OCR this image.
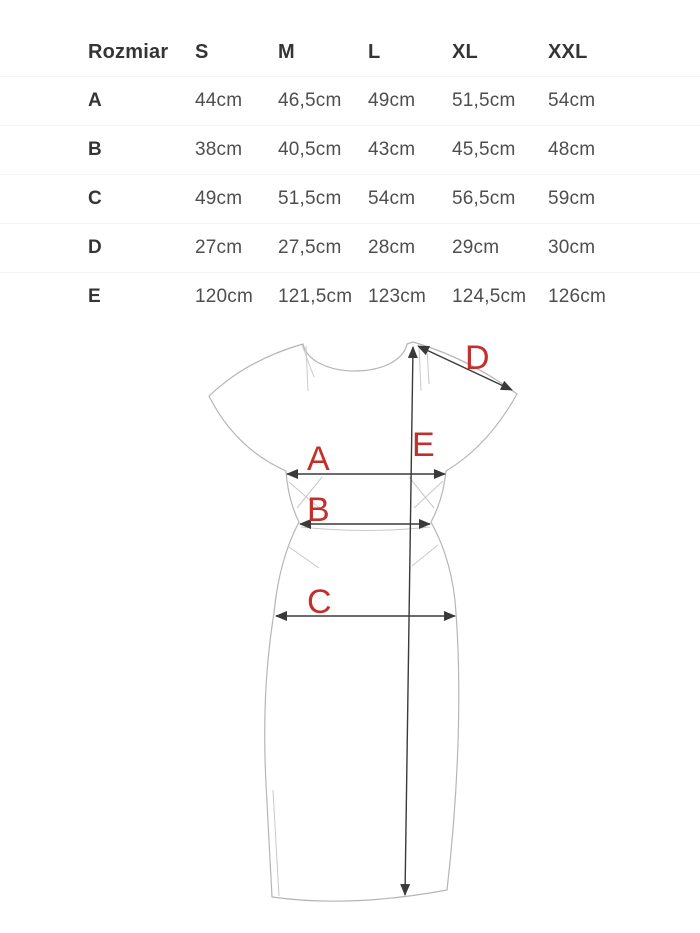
Rozmiar	S	M	L	XL	XXL
A	44cm	46,5cm	49cm	51,5cm	54cm
B	38cm	40,5cm	43cm	45,5cm	48cm
C	49cm	51,5cm	54cm	56,5cm	59cm
D	27cm	27,5cm	28cm	29cm	30cm
E	120cm	121,5cm 123cm	124,5cm	126cm
A
B
C
D
E
